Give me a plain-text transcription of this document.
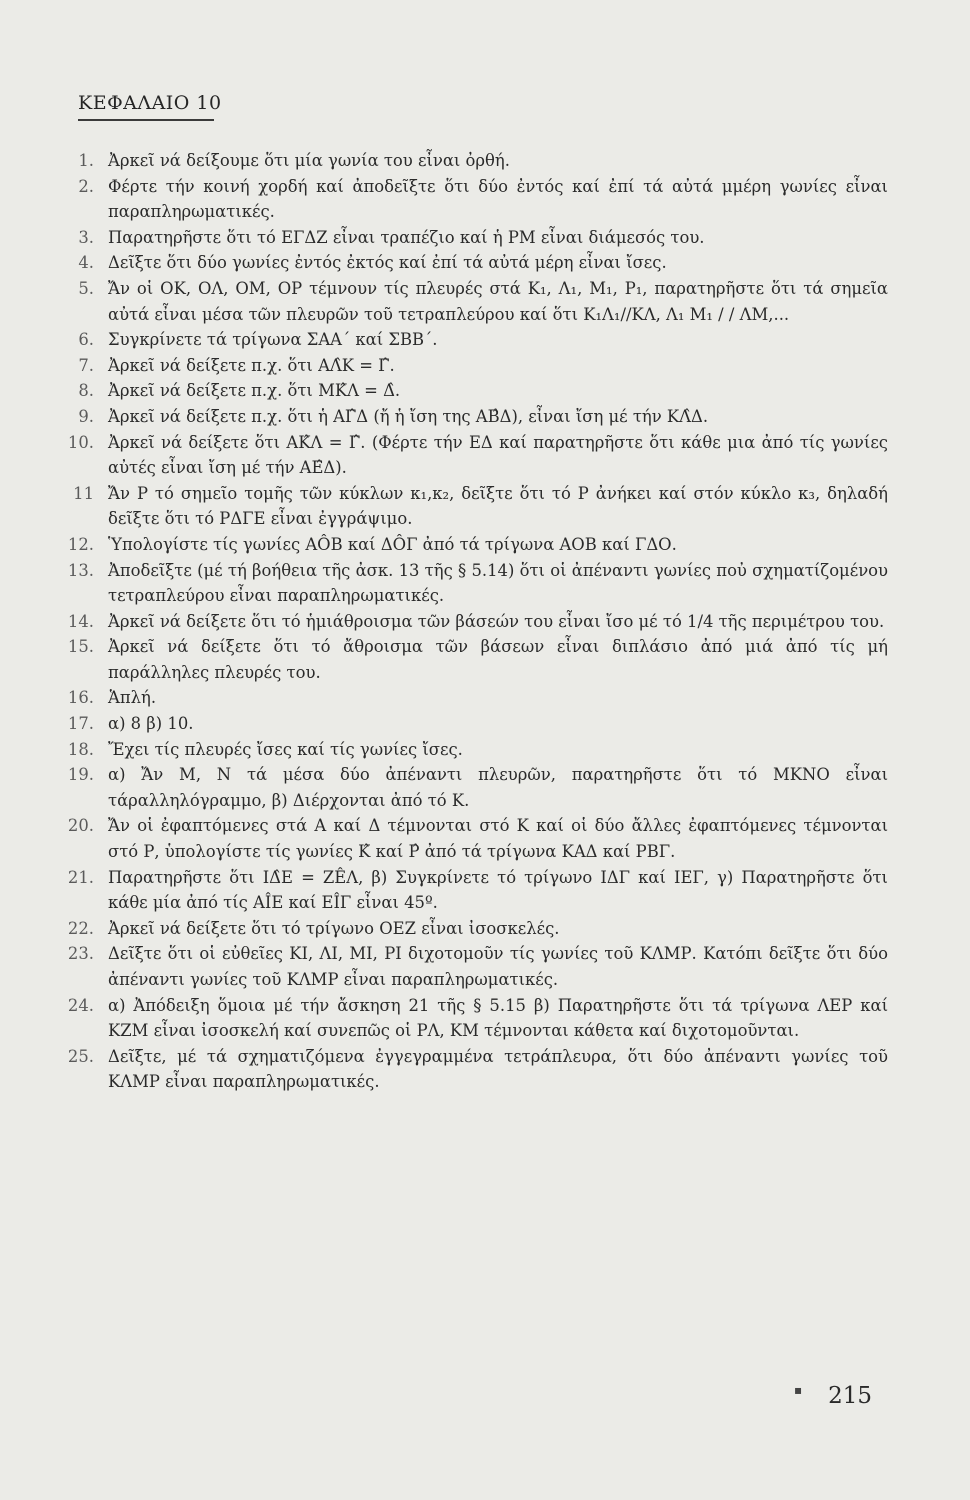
ΚΕΦΑΛΑΙΟ 10
1. Ἀρκεῖ νά δείξουμε ὅτι μία γωνία του εἶναι ὀρθή.
2. Φέρτε τήν κοινή χορδή καί ἀποδεῖξτε ὅτι δύο ἐντός καί ἐπί τά αὐτά μμέρη γωνίες εἶναι παραπληρωματικές.
3. Παρατηρῆστε ὅτι τό ΕΓΔΖ εἶναι τραπέζιο καί ἡ ΡΜ εἶναι διάμεσός του.
4. Δεῖξτε ὅτι δύο γωνίες ἐντός ἐκτός καί ἐπί τά αὐτά μέρη εἶναι ἴσες.
5. Ἄν οἱ ΟΚ, ΟΛ, ΟΜ, ΟΡ τέμνουν τίς πλευρές στά Κ₁, Λ₁, Μ₁, Ρ₁, παρατηρῆστε ὅτι τά σημεῖα αὐτά εἶναι μέσα τῶν πλευρῶν τοῦ τετραπλεύρου καί ὅτι Κ₁Λ₁//ΚΛ, Λ₁ Μ₁ / / ΛΜ,...
6. Συγκρίνετε τά τρίγωνα ΣΑΑ΄ καί ΣΒΒ΄.
7. Ἀρκεῖ νά δείξετε π.χ. ὅτι ΑΛ̂Κ = Γ̂.
8. Ἀρκεῖ νά δείξετε π.χ. ὅτι ΜΚ̂Λ = Δ̂.
9. Ἀρκεῖ νά δείξετε π.χ. ὅτι ἡ ΑΓ̂Δ (ἤ ἡ ἴση της ΑΒ̂Δ), εἶναι ἴση μέ τήν ΚΛ̂Δ.
10. Ἀρκεῖ νά δείξετε ὅτι ΑΚ̂Λ = Γ̂. (Φέρτε τήν ΕΔ καί παρατηρῆστε ὅτι κάθε μια ἀπό τίς γωνίες αὐτές εἶναι ἴση μέ τήν ΑΕ̂Δ).
11 Ἄν Ρ τό σημεῖο τομῆς τῶν κύκλων κ₁,κ₂, δεῖξτε ὅτι τό Ρ ἀνήκει καί στόν κύκλο κ₃, δηλαδή δεῖξτε ὅτι τό ΡΔΓΕ εἶναι ἐγγράψιμο.
12. Ὑπολογίστε τίς γωνίες ΑÔΒ καί ΔÔΓ ἀπό τά τρίγωνα ΑΟΒ καί ΓΔΟ.
13. Ἀποδεῖξτε (μέ τή βοήθεια τῆς ἀσκ. 13 τῆς § 5.14) ὅτι οἱ ἀπέναντι γωνίες ποὐ σχηματίζομένου τετραπλεύρου εἶναι παραπληρωματικές.
14. Ἀρκεῖ νά δείξετε ὅτι τό ἡμιάθροισμα τῶν βάσεών του εἶναι ἴσο μέ τό 1/4 τῆς περιμέτρου του.
15. Ἀρκεῖ νά δείξετε ὅτι τό ἄθροισμα τῶν βάσεων εἶναι διπλάσιο ἀπό μιά ἀπό τίς μή παράλληλες πλευρές του.
16. Ἁπλή.
17. α) 8 β) 10.
18. Ἔχει τίς πλευρές ἴσες καί τίς γωνίες ἴσες.
19. α) Ἄν Μ, Ν τά μέσα δύο ἀπέναντι πλευρῶν, παρατηρῆστε ὅτι τό ΜΚΝΟ εἶναι τάραλληλόγραμμο, β) Διέρχονται ἀπό τό Κ.
20. Ἄν οἱ ἐφαπτόμενες στά Α καί Δ τέμνονται στό Κ καί οἱ δύο ἄλλες ἐφαπτόμενες τέμνονται στό Ρ, ὑπολογίστε τίς γωνίες Κ̂ καί Ρ̂ ἀπό τά τρίγωνα ΚΑΔ καί ΡΒΓ.
21. Παρατηρῆστε ὅτι ΙΔ̂Ε = ΖÊΛ, β) Συγκρίνετε τό τρίγωνο ΙΔΓ καί ΙΕΓ, γ) Παρατηρῆστε ὅτι κάθε μία ἀπό τίς ΑÎΕ καί ΕÎΓ εἶναι 45º.
22. Ἀρκεῖ νά δείξετε ὅτι τό τρίγωνο ΟΕΖ εἶναι ἰσοσκελές.
23. Δεῖξτε ὅτι οἱ εὐθεῖες ΚΙ, ΛΙ, ΜΙ, ΡΙ διχοτομοῦν τίς γωνίες τοῦ ΚΛΜΡ. Κατόπι δεῖξτε ὅτι δύο ἀπέναντι γωνίες τοῦ ΚΛΜΡ εἶναι παραπληρωματικές.
24. α) Ἀπόδειξη ὅμοια μέ τήν ἄσκηση 21 τῆς § 5.15 β) Παρατηρῆστε ὅτι τά τρίγωνα ΛΕΡ καί ΚΖΜ εἶναι ἰσοσκελή καί συνεπῶς οἱ ΡΛ, ΚΜ τέμνονται κάθετα καί διχοτομοῦνται.
25. Δεῖξτε, μέ τά σχηματιζόμενα ἐγγεγραμμένα τετράπλευρα, ὅτι δύο ἀπέναντι γωνίες τοῦ ΚΛΜΡ εἶναι παραπληρωματικές.
▪ 215
